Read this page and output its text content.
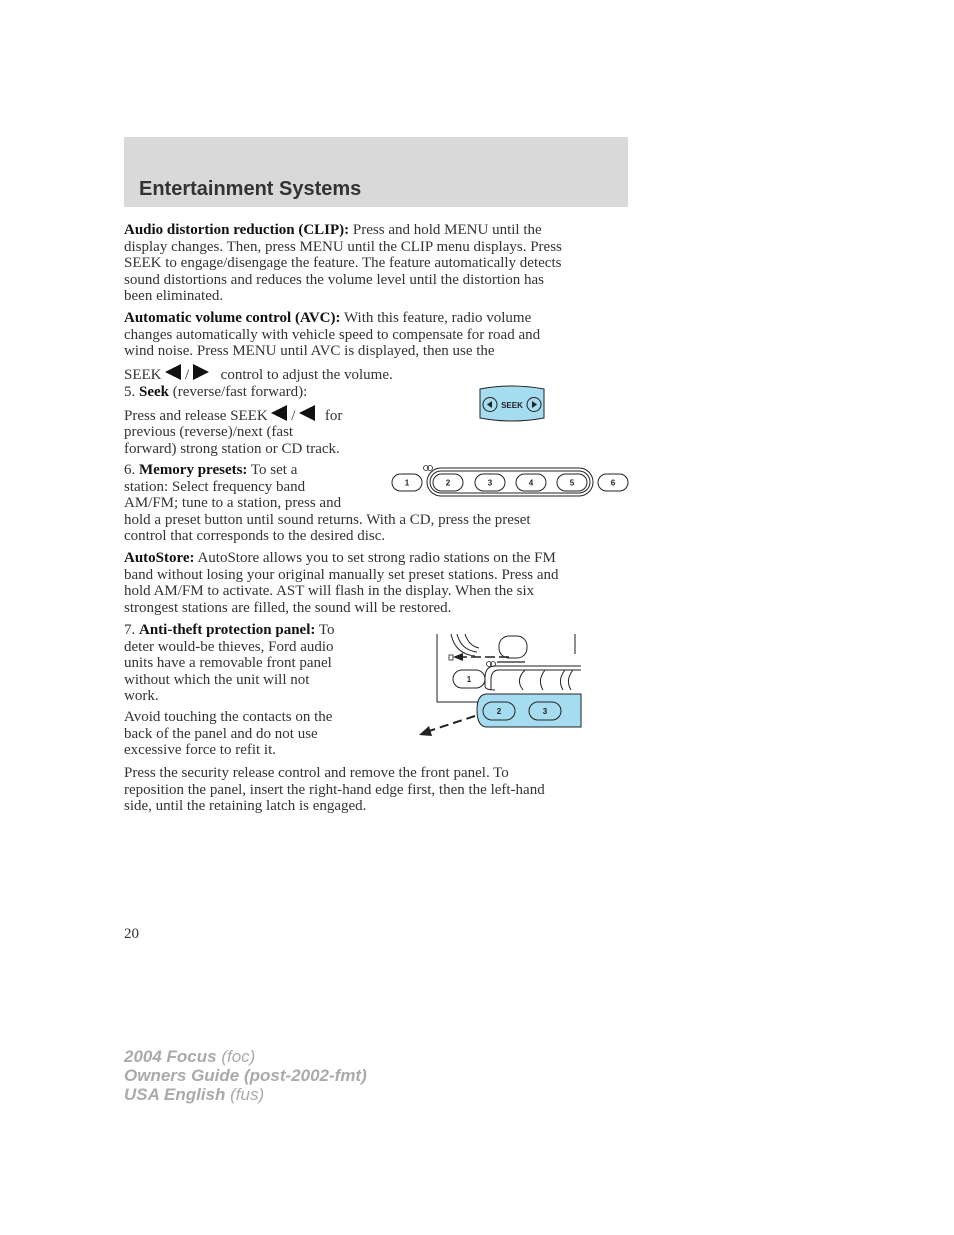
Entertainment Systems
Audio distortion reduction (CLIP): Press and hold MENU until the
display changes. Then, press MENU until the CLIP menu displays. Press
SEEK to engage/disengage the feature. The feature automatically detects
sound distortions and reduces the volume level until the distortion has
been eliminated.
Automatic volume control (AVC): With this feature, radio volume
changes automatically with vehicle speed to compensate for road and
wind noise. Press MENU until AVC is displayed, then use the
SEEK  /  control to adjust the volume.
5. Seek (reverse/fast forward):
Press and release SEEK  /  for
previous (reverse)/next (fast
forward) strong station or CD track.
SEEK
6. Memory presets: To set a
station: Select frequency band
AM/FM; tune to a station, press and
hold a preset button until sound returns. With a CD, press the preset
control that corresponds to the desired disc.
1	2	3	4	5	6
AutoStore: AutoStore allows you to set strong radio stations on the FM
band without losing your original manually set preset stations. Press and
hold AM/FM to activate. AST will flash in the display. When the six
strongest stations are filled, the sound will be restored.
7. Anti-theft protection panel: To
deter would-be thieves, Ford audio
units have a removable front panel
without which the unit will not
work.
Avoid touching the contacts on the
back of the panel and do not use
excessive force to refit it.
1
2	3
Press the security release control and remove the front panel. To
reposition the panel, insert the right-hand edge first, then the left-hand
side, until the retaining latch is engaged.

20

2004 Focus (foc)
Owners Guide (post-2002-fmt)
USA English (fus)
